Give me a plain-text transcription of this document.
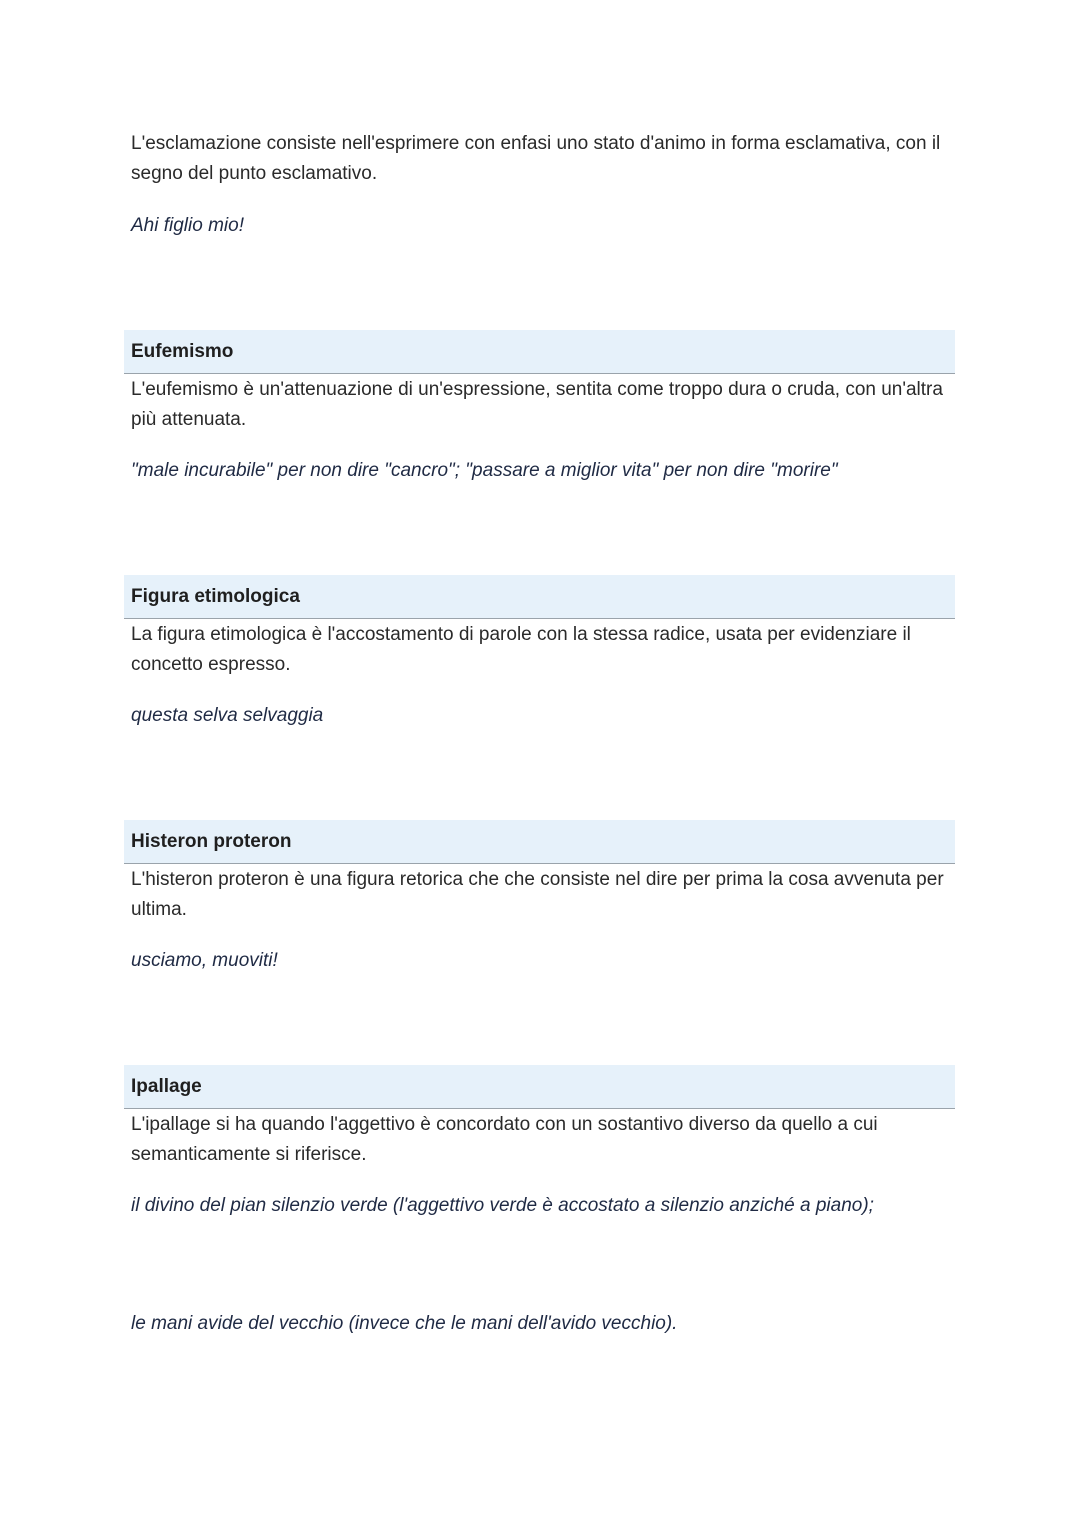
L'esclamazione consiste nell'esprimere con enfasi uno stato d'animo in forma esclamativa, con il segno del punto esclamativo.

Ahi figlio mio!

Eufemismo

L'eufemismo è un'attenuazione di un'espressione, sentita come troppo dura o cruda, con un'altra più attenuata.

"male incurabile" per non dire "cancro"; "passare a miglior vita" per non dire "morire"

Figura etimologica

La figura etimologica è l'accostamento di parole con la stessa radice, usata per evidenziare il concetto espresso.

questa selva selvaggia

Histeron proteron

L'histeron proteron è una figura retorica che che consiste nel dire per prima la cosa avvenuta per ultima.

usciamo, muoviti!

Ipallage

L'ipallage si ha quando l'aggettivo è concordato con un sostantivo diverso da quello a cui semanticamente si riferisce.

il divino del pian silenzio verde (l'aggettivo verde è accostato a silenzio anziché a piano);

le mani avide del vecchio (invece che le mani dell'avido vecchio).
